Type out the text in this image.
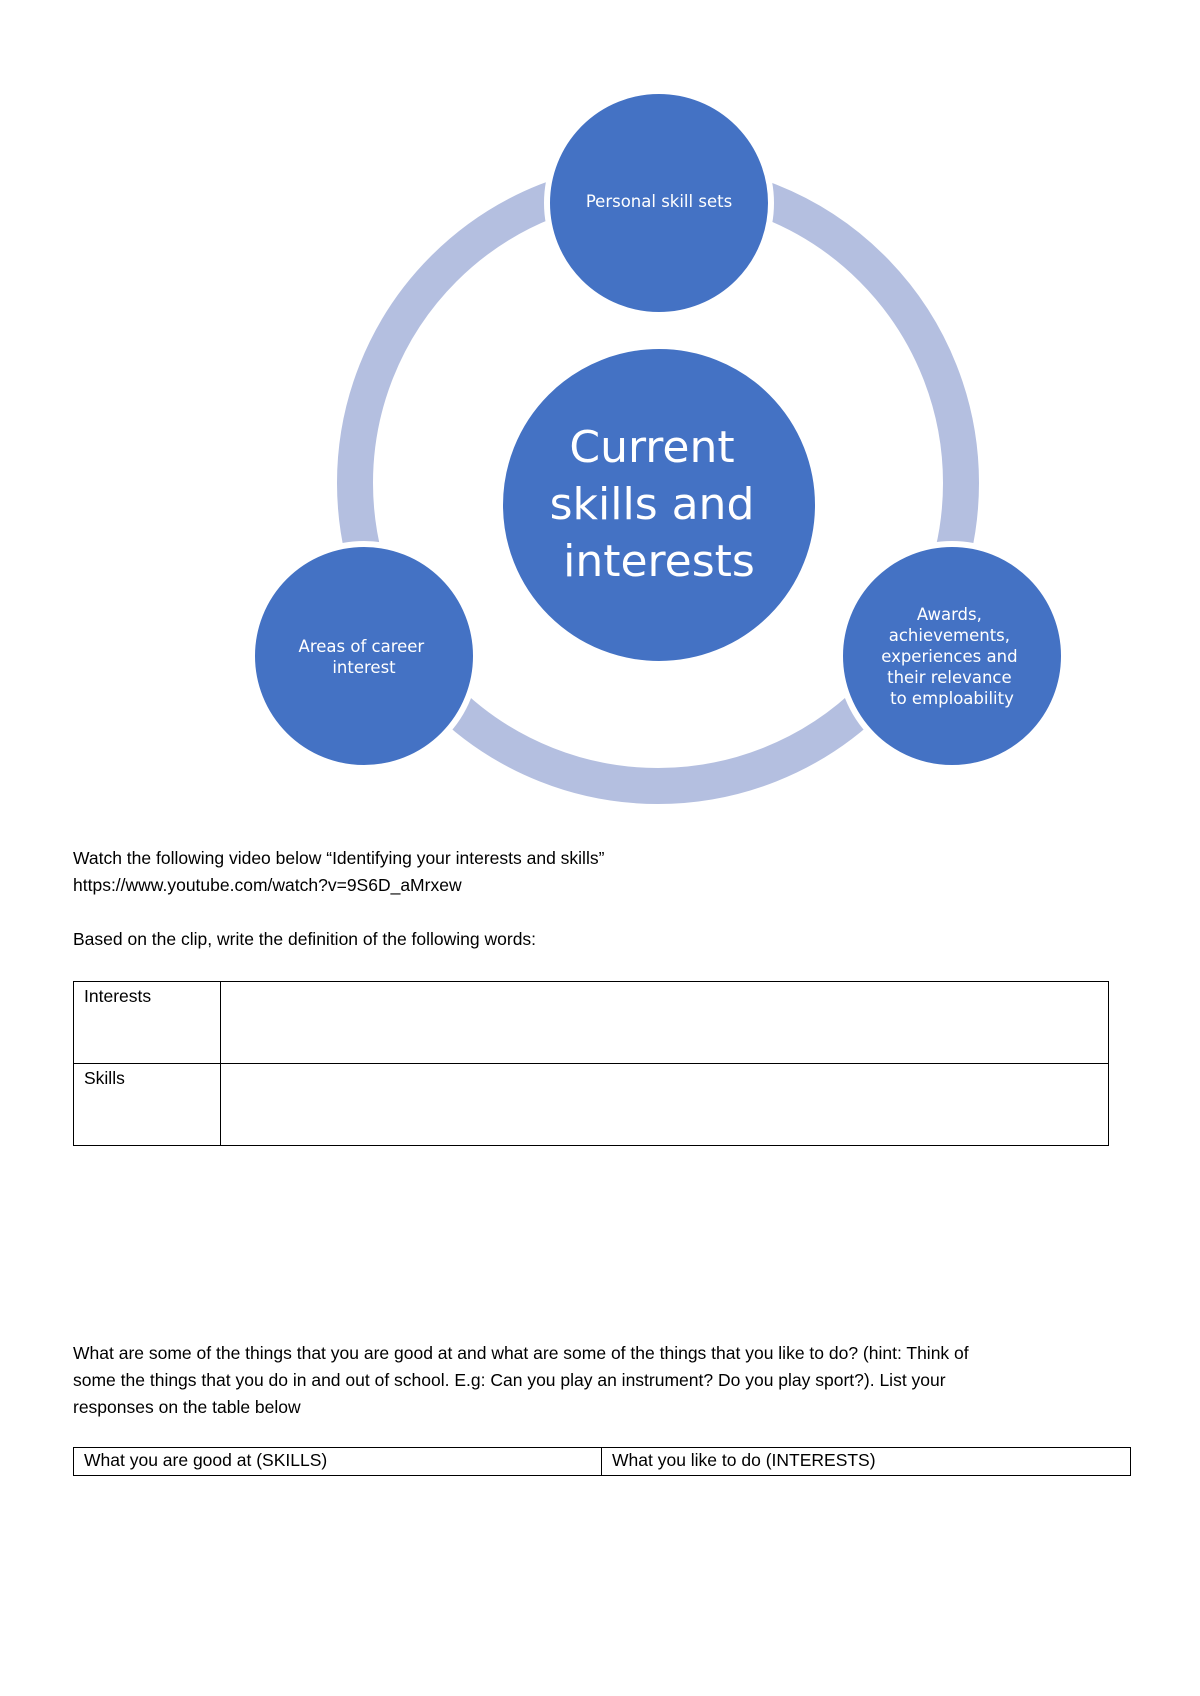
Current skills and interests
Personal skill sets
Awards, achievements, experiences and their relevance to emploability
Areas of career interest

Watch the following video below “Identifying your interests and skills”

https://www.youtube.com/watch?v=9S6D_aMrxew

Based on the clip, write the definition of the following words:

Interests	
Skills	

What are some of the things that you are good at and what are some of the things that you like to do? (hint: Think of

some the things that you do in and out of school. E.g: Can you play an instrument? Do you play sport?). List your

responses on the table below

What you are good at (SKILLS)	What you like to do (INTERESTS)
